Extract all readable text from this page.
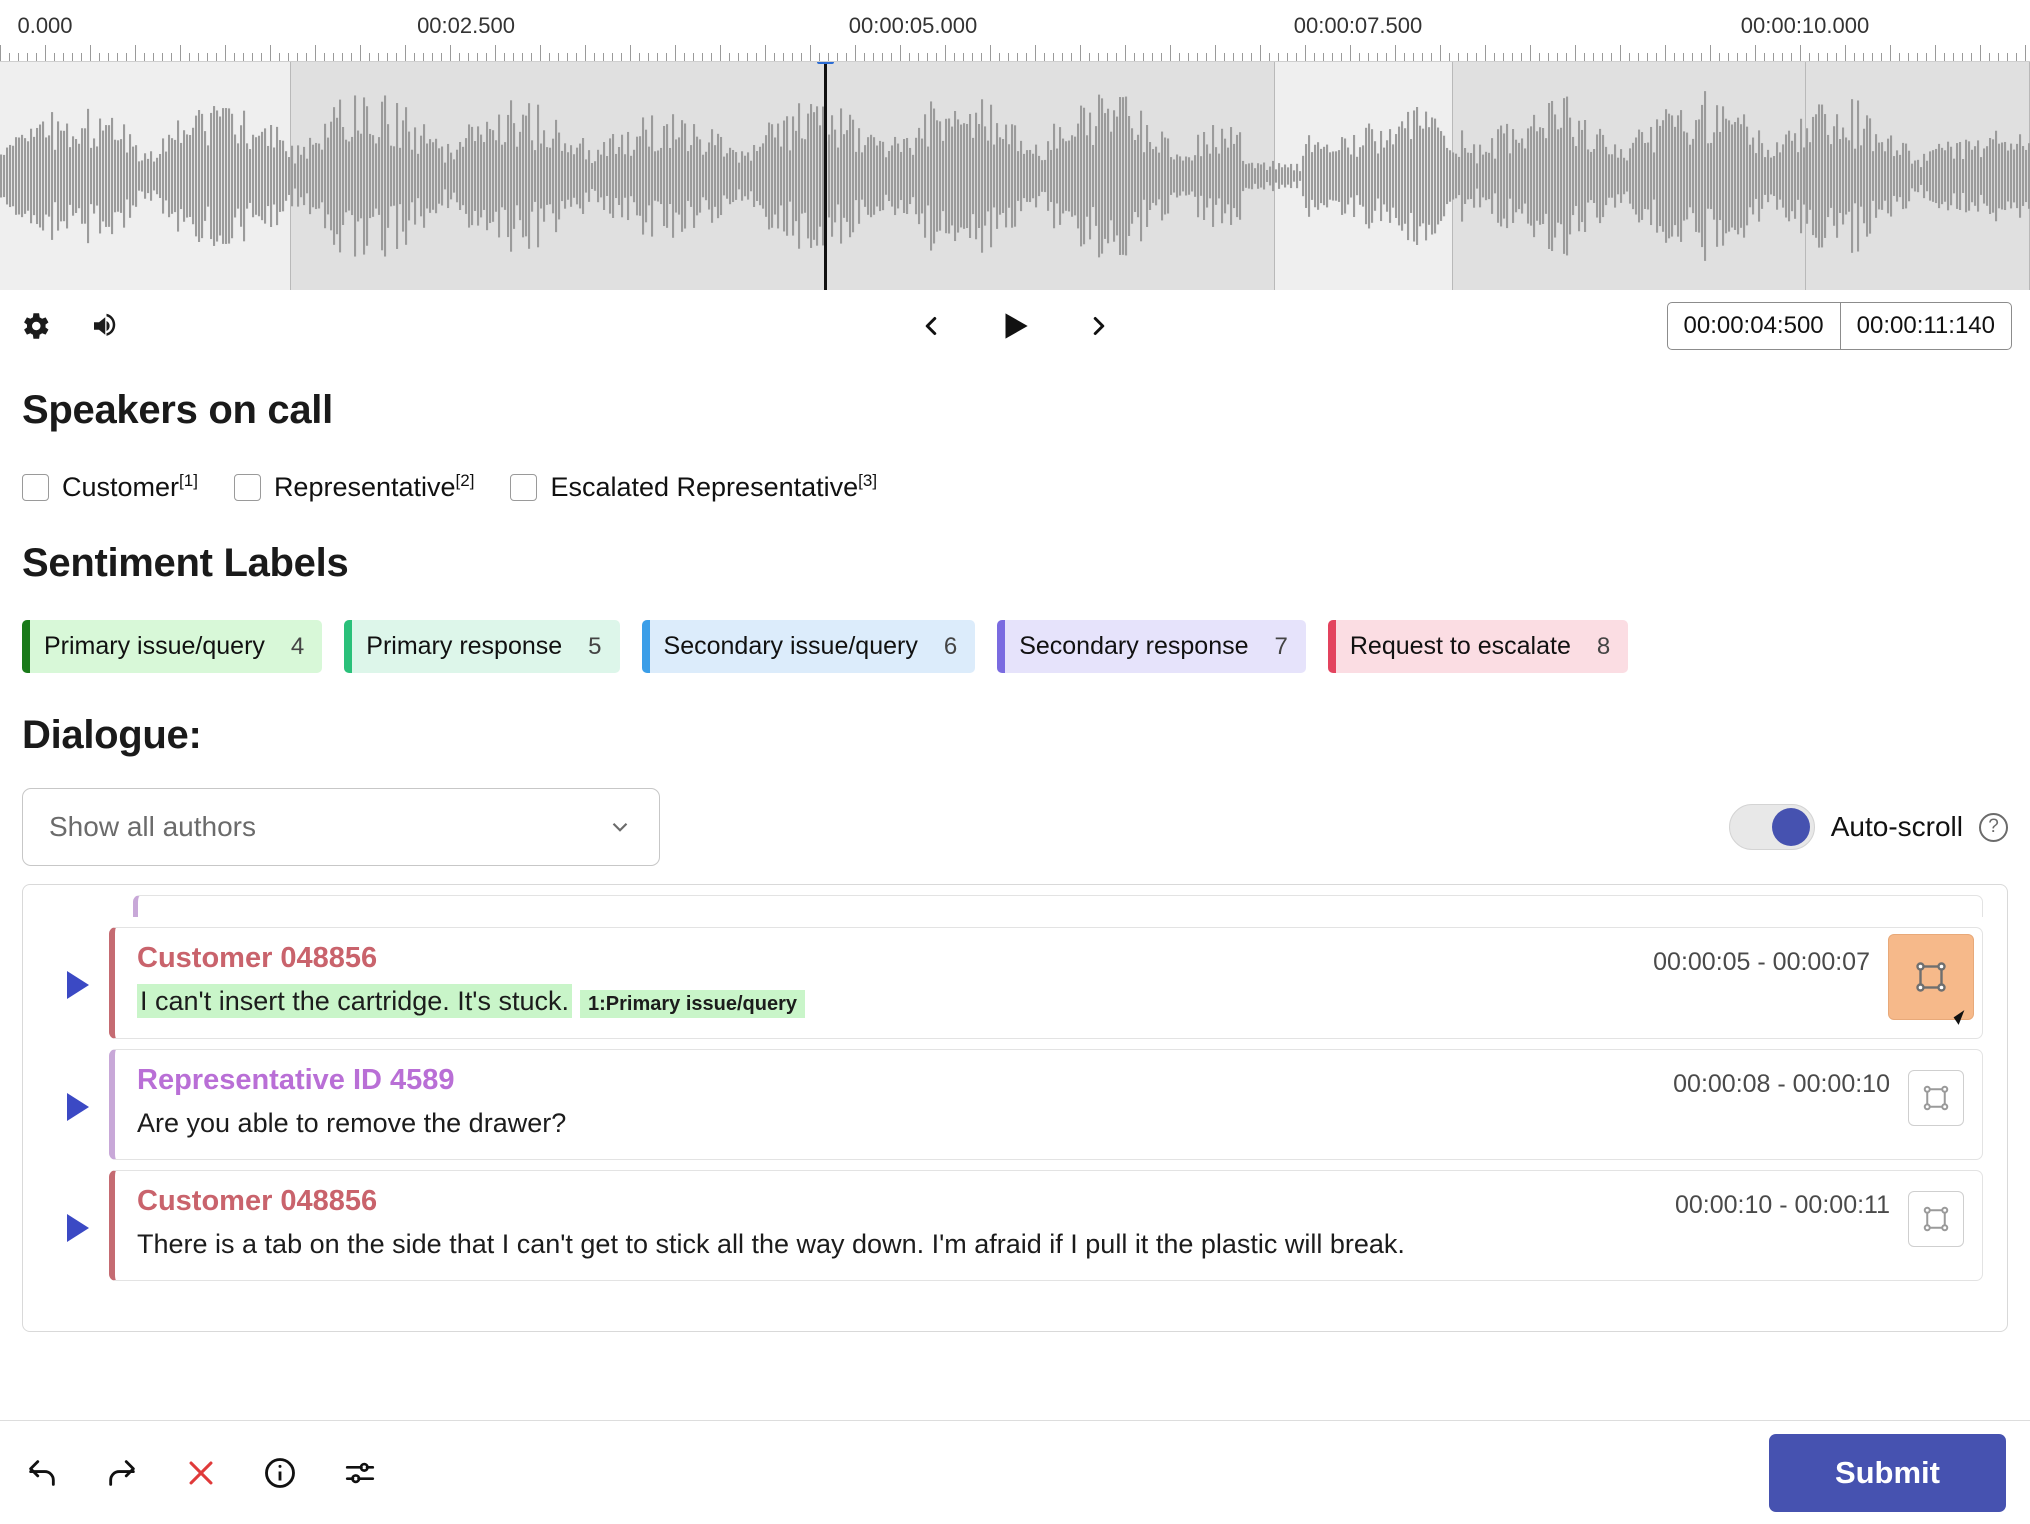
0.000	00:02.500	00:00:05.000	00:00:07.500	00:00:10.000
00:00:04:500	00:00:11:140
Speakers on call
Customer[1]	Representative[2]	Escalated Representative[3]
Sentiment Labels
Primary issue/query 4 Primary response 5 Secondary issue/query 6 Secondary response 7 Request to escalate 8
Dialogue:
Show all authors	Auto-scroll	?
Customer 048856
I can't insert the cartridge. It's stuck. 1:Primary issue/query
00:00:05 - 00:00:07
Representative ID 4589
Are you able to remove the drawer?
00:00:08 - 00:00:10
Customer 048856
There is a tab on the side that I can't get to stick all the way down. I'm afraid if I pull it the plastic will break.
00:00:10 - 00:00:11
Submit
